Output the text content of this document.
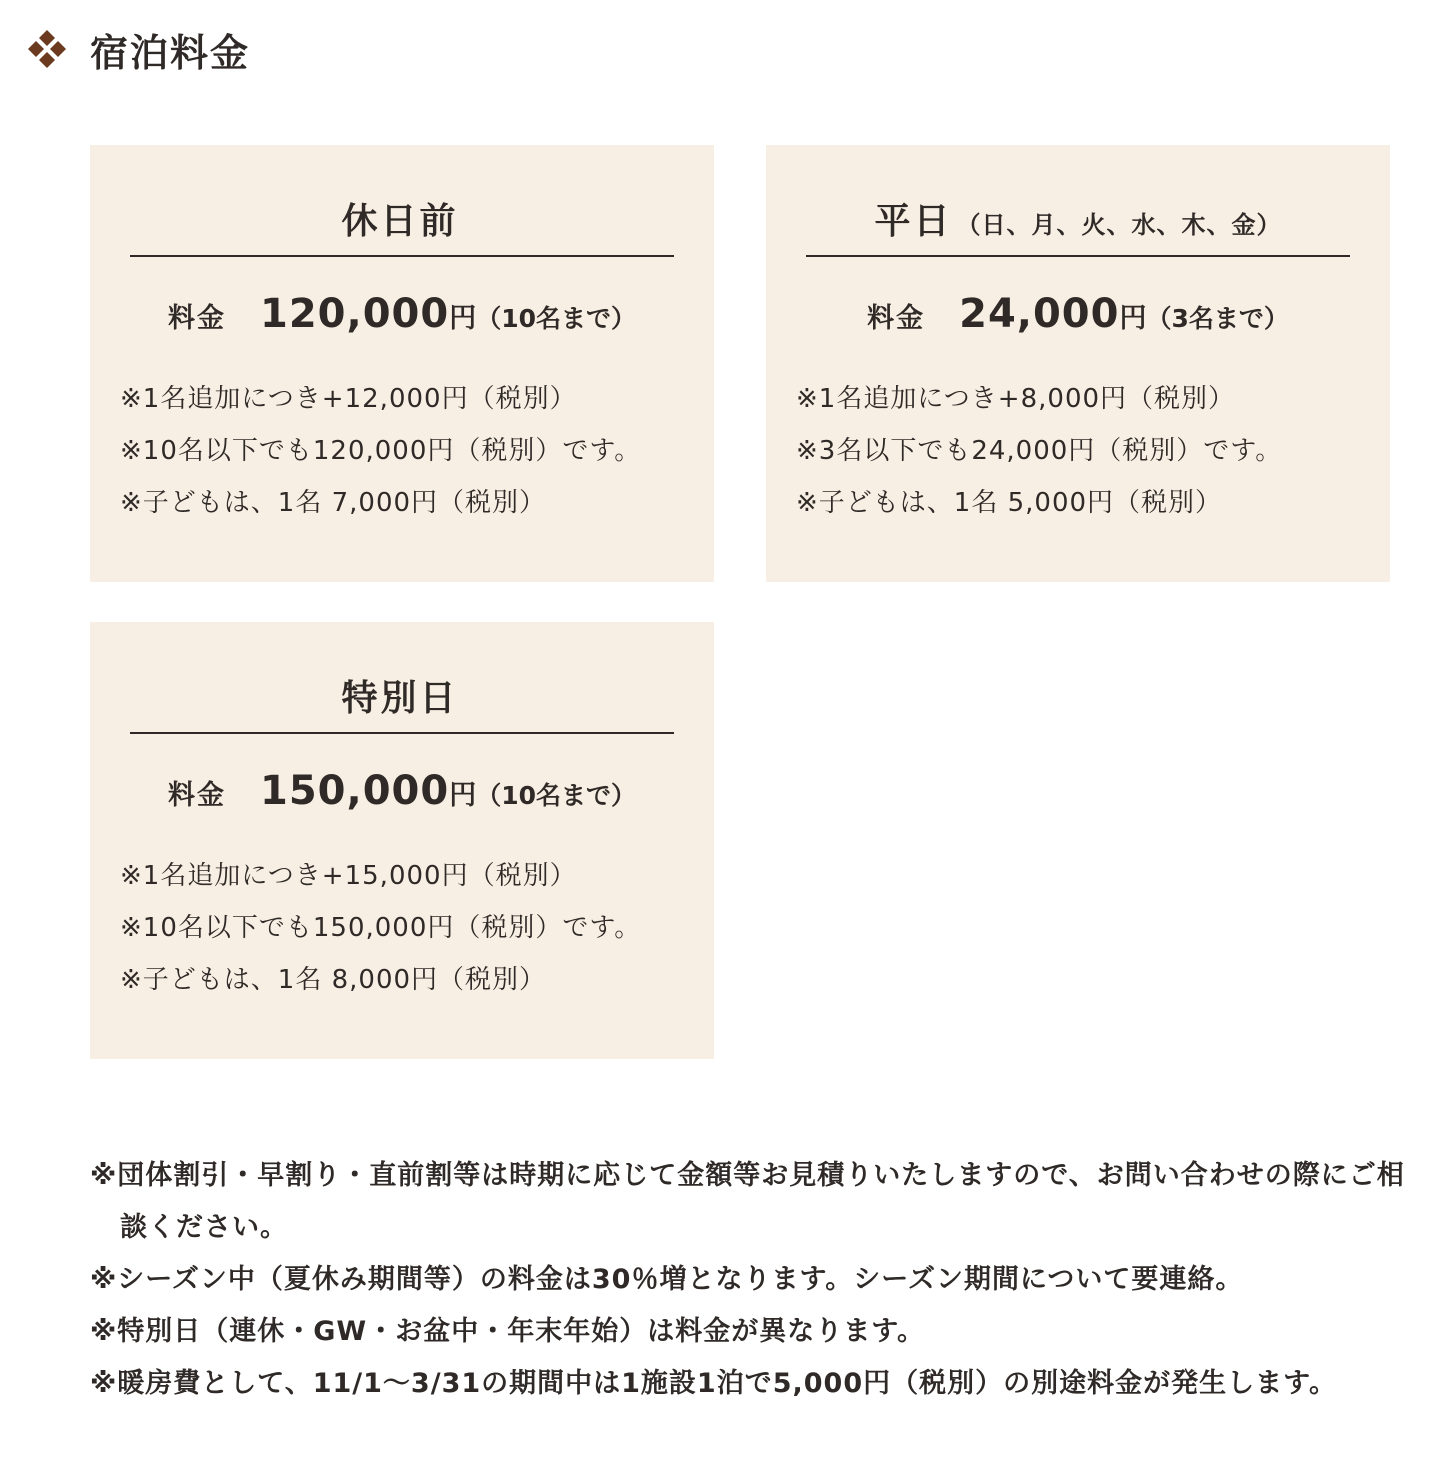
宿泊料金
休日前
料金 120,000円（10名まで）
※1名追加につき+12,000円（税別）
※10名以下でも120,000円（税別）です。
※子どもは、1名 7,000円（税別）
平日 （日、月、火、水、木、金）
料金 24,000円（3名まで）
※1名追加につき+8,000円（税別）
※3名以下でも24,000円（税別）です。
※子どもは、1名 5,000円（税別）
特別日
料金 150,000円（10名まで）
※1名追加につき+15,000円（税別）
※10名以下でも150,000円（税別）です。
※子どもは、1名 8,000円（税別）
※団体割引・早割り・直前割等は時期に応じて金額等お見積りいたしますので、お問い合わせの際にご相談ください。
※シーズン中（夏休み期間等）の料金は30％増となります。シーズン期間について要連絡。
※特別日（連休・GW・お盆中・年末年始）は料金が異なります。
※暖房費として、11/1〜3/31の期間中は1施設1泊で5,000円（税別）の別途料金が発生します。
